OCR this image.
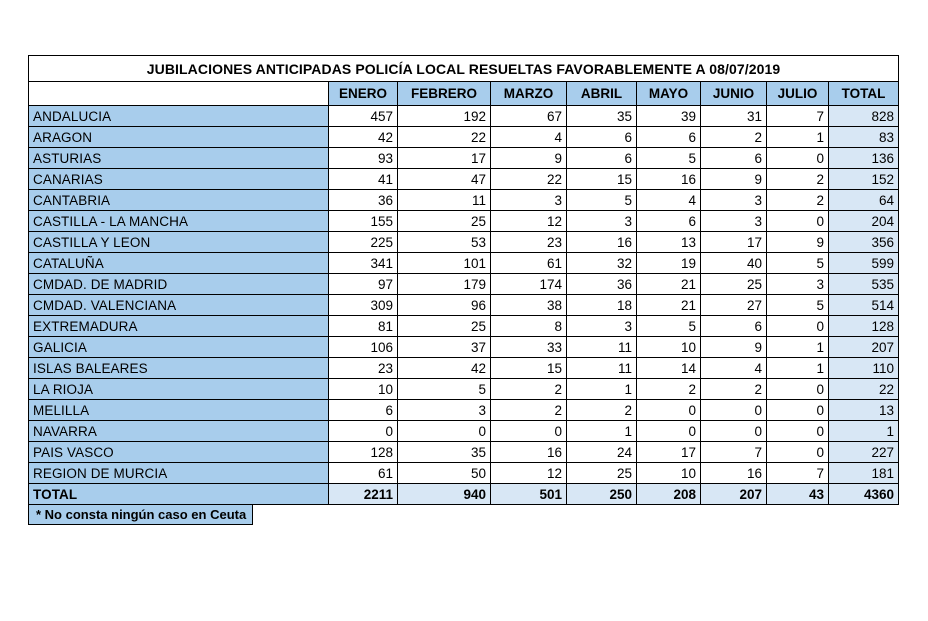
JUBILACIONES ANTICIPADAS POLICÍA LOCAL RESUELTAS FAVORABLEMENTE A 08/07/2019								
	ENERO	FEBRERO	MARZO	ABRIL	MAYO	JUNIO	JULIO	TOTAL
ANDALUCIA	457	192	67	35	39	31	7	828
ARAGON	42	22	4	6	6	2	1	83
ASTURIAS	93	17	9	6	5	6	0	136
CANARIAS	41	47	22	15	16	9	2	152
CANTABRIA	36	11	3	5	4	3	2	64
CASTILLA - LA MANCHA	155	25	12	3	6	3	0	204
CASTILLA Y LEON	225	53	23	16	13	17	9	356
CATALUÑA	341	101	61	32	19	40	5	599
CMDAD. DE MADRID	97	179	174	36	21	25	3	535
CMDAD. VALENCIANA	309	96	38	18	21	27	5	514
EXTREMADURA	81	25	8	3	5	6	0	128
GALICIA	106	37	33	11	10	9	1	207
ISLAS BALEARES	23	42	15	11	14	4	1	110
LA RIOJA	10	5	2	1	2	2	0	22
MELILLA	6	3	2	2	0	0	0	13
NAVARRA	0	0	0	1	0	0	0	1
PAIS VASCO	128	35	16	24	17	7	0	227
REGION DE MURCIA	61	50	12	25	10	16	7	181
TOTAL	2211	940	501	250	208	207	43	4360
* No consta ningún caso en Ceuta
